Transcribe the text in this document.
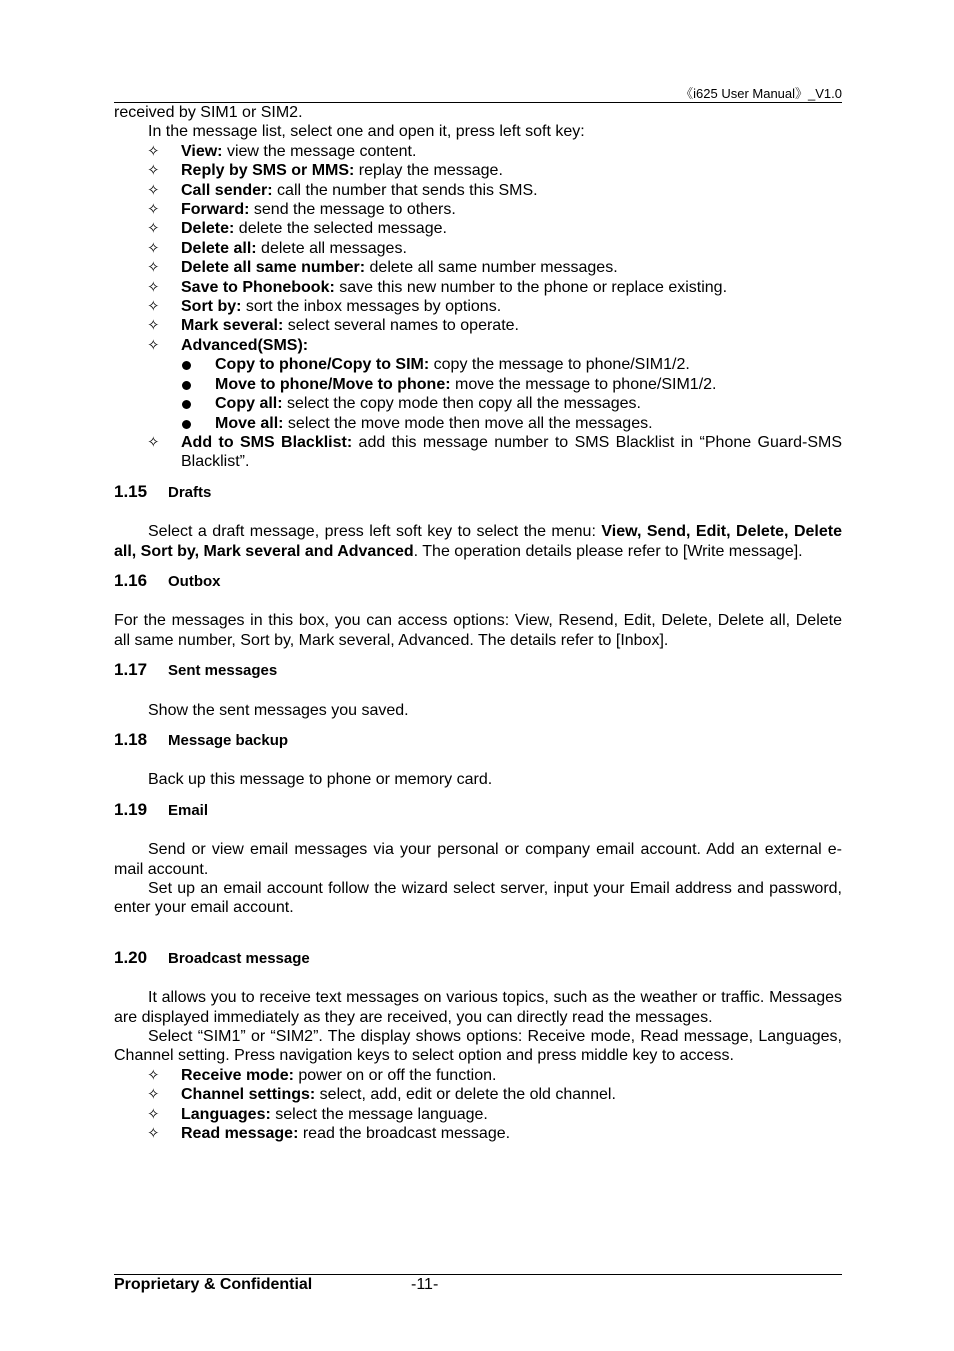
《i625 User Manual》_V1.0

received by SIM1 or SIM2.

In the message list, select one and open it, press left soft key:

✧ View: view the message content.
✧ Reply by SMS or MMS: replay the message.
✧ Call sender: call the number that sends this SMS.
✧ Forward: send the message to others.
✧ Delete: delete the selected message.
✧ Delete all: delete all messages.
✧ Delete all same number: delete all same number messages.
✧ Save to Phonebook: save this new number to the phone or replace existing.
✧ Sort by: sort the inbox messages by options.
✧ Mark several: select several names to operate.
✧ Advanced(SMS):
Copy to phone/Copy to SIM: copy the message to phone/SIM1/2.
Move to phone/Move to phone: move the message to phone/SIM1/2.
Copy all: select the copy mode then copy all the messages.
Move all: select the move mode then move all the messages.
✧ Add to SMS Blacklist: add this message number to SMS Blacklist in “Phone Guard-SMS Blacklist”.

1.15 Drafts

Select a draft message, press left soft key to select the menu: View, Send, Edit, Delete, Delete all, Sort by, Mark several and Advanced. The operation details please refer to [Write message].

1.16 Outbox

For the messages in this box, you can access options: View, Resend, Edit, Delete, Delete all, Delete all same number, Sort by, Mark several, Advanced. The details refer to [Inbox].

1.17 Sent messages

Show the sent messages you saved.

1.18 Message backup

Back up this message to phone or memory card.

1.19 Email

Send or view email messages via your personal or company email account. Add an external e-mail account.

Set up an email account follow the wizard select server, input your Email address and password, enter your email account.

1.20 Broadcast message

It allows you to receive text messages on various topics, such as the weather or traffic. Messages are displayed immediately as they are received, you can directly read the messages.

Select “SIM1” or “SIM2”. The display shows options: Receive mode, Read message, Languages, Channel setting. Press navigation keys to select option and press middle key to access.

✧ Receive mode: power on or off the function.
✧ Channel settings: select, add, edit or delete the old channel.
✧ Languages: select the message language.
✧ Read message: read the broadcast message.
Proprietary & Confidential	-11-
